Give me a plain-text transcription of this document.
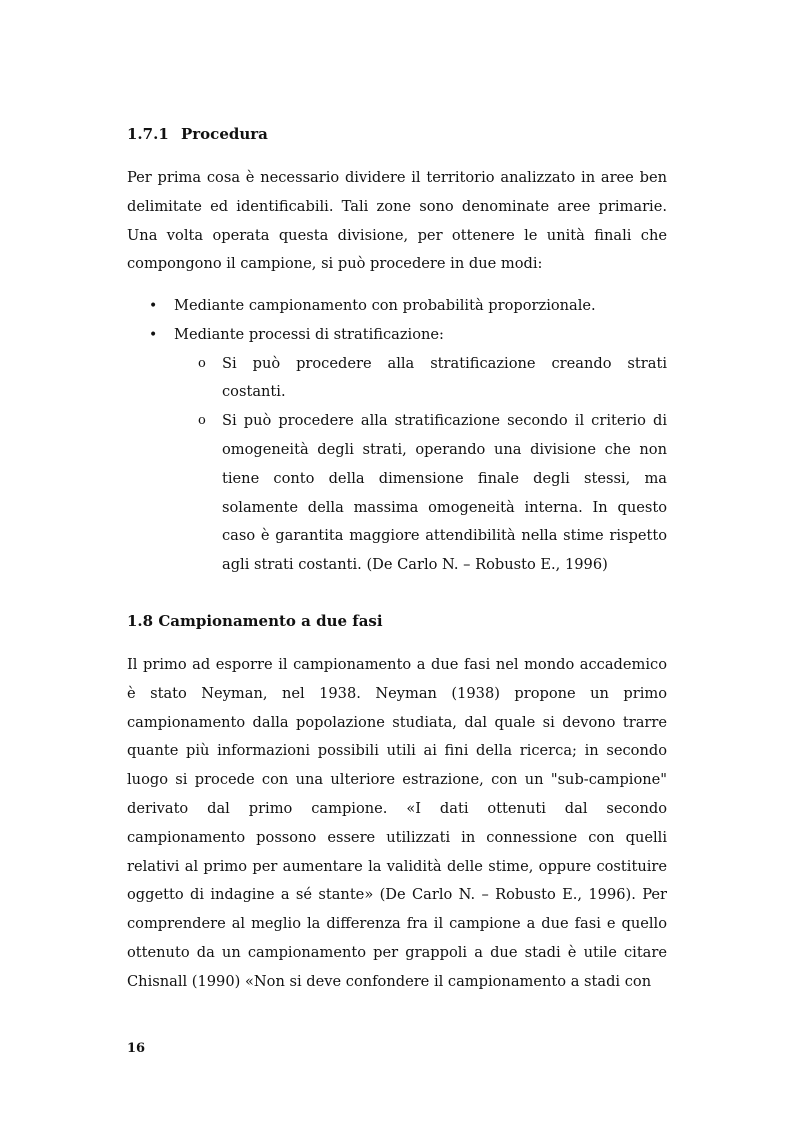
1.7.1 Procedura

Per prima cosa è necessario dividere il territorio analizzato in aree ben delimitate ed identificabili. Tali zone sono denominate aree primarie. Una volta operata questa divisione, per ottenere le unità finali che compongono il campione, si può procedere in due modi:

• Mediante campionamento con probabilità proporzionale.
• Mediante processi di stratificazione:
o Si può procedere alla stratificazione creando strati costanti.
o Si può procedere alla stratificazione secondo il criterio di omogeneità degli strati, operando una divisione che non tiene conto della dimensione finale degli stessi, ma solamente della massima omogeneità interna. In questo caso è garantita maggiore attendibilità nella stime rispetto agli strati costanti. (De Carlo N. – Robusto E., 1996)
1.8 Campionamento a due fasi

Il primo ad esporre il campionamento a due fasi nel mondo accademico è stato Neyman, nel 1938. Neyman (1938) propone un primo campionamento dalla popolazione studiata, dal quale si devono trarre quante più informazioni possibili utili ai fini della ricerca; in secondo luogo si procede con una ulteriore estrazione, con un "sub-campione" derivato dal primo campione. «I dati ottenuti dal secondo campionamento possono essere utilizzati in connessione con quelli relativi al primo per aumentare la validità delle stime, oppure costituire oggetto di indagine a sé stante» (De Carlo N. – Robusto E., 1996). Per comprendere al meglio la differenza fra il campione a due fasi e quello ottenuto da un campionamento per grappoli a due stadi è utile citare Chisnall (1990) «Non si deve confondere il campionamento a stadi con

16
